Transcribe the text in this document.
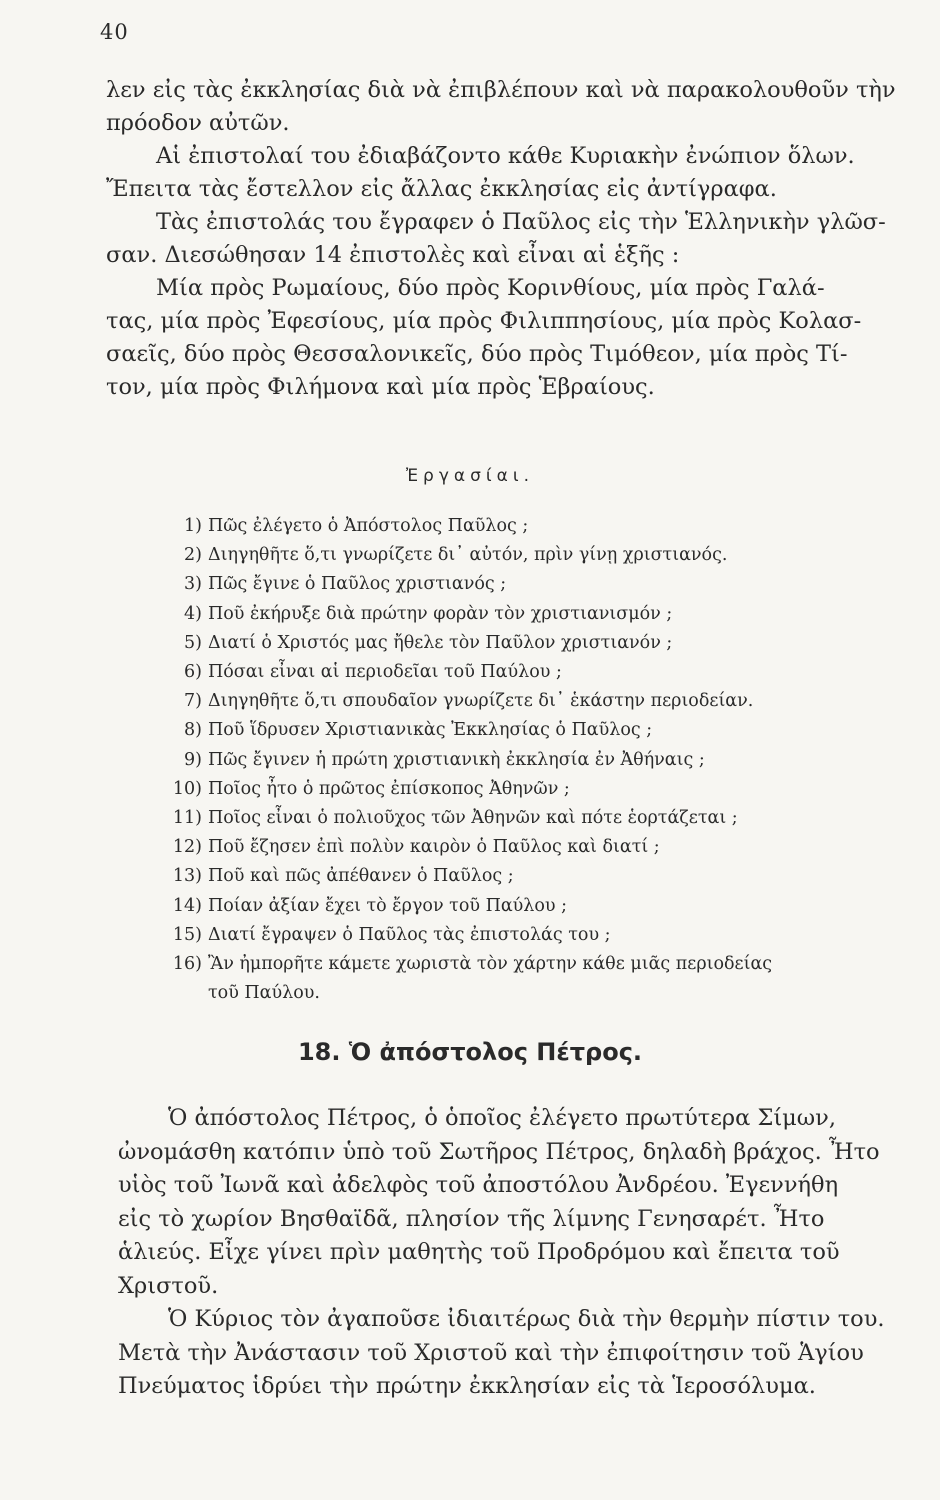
40
λεν εἰς τὰς ἐκκλησίας διὰ νὰ ἐπιβλέπουν καὶ νὰ παρακολουθοῦν τὴν
πρόοδον αὐτῶν.
Αἱ ἐπιστολαί του ἐδιαβάζοντο κάθε Κυριακὴν ἐνώπιον ὅλων.
Ἔπειτα τὰς ἔστελλον εἰς ἄλλας ἐκκλησίας εἰς ἀντίγραφα.
Τὰς ἐπιστολάς του ἔγραφεν ὁ Παῦλος εἰς τὴν Ἑλληνικὴν γλῶσ-
σαν. Διεσώθησαν 14 ἐπιστολὲς καὶ εἶναι αἱ ἑξῆς :
Μία πρὸς Ρωμαίους, δύο πρὸς Κορινθίους, μία πρὸς Γαλά-
τας, μία πρὸς Ἐφεσίους, μία πρὸς Φιλιππησίους, μία πρὸς Κολασ-
σαεῖς, δύο πρὸς Θεσσαλονικεῖς, δύο πρὸς Τιμόθεον, μία πρὸς Τί-
τον, μία πρὸς Φιλήμονα καὶ μία πρὸς Ἑβραίους.
Ἐργασίαι.
1) Πῶς ἐλέγετο ὁ Ἀπόστολος Παῦλος ;
2) Διηγηθῆτε ὅ,τι γνωρίζετε δι᾽ αὐτόν, πρὶν γίνῃ χριστιανός.
3) Πῶς ἔγινε ὁ Παῦλος χριστιανός ;
4) Ποῦ ἐκήρυξε διὰ πρώτην φορὰν τὸν χριστιανισμόν ;
5) Διατί ὁ Χριστός μας ἤθελε τὸν Παῦλον χριστιανόν ;
6) Πόσαι εἶναι αἱ περιοδεῖαι τοῦ Παύλου ;
7) Διηγηθῆτε ὅ,τι σπουδαῖον γνωρίζετε δι᾽ ἑκάστην περιοδείαν.
8) Ποῦ ἵδρυσεν Χριστιανικὰς Ἐκκλησίας ὁ Παῦλος ;
9) Πῶς ἔγινεν ἡ πρώτη χριστιανικὴ ἐκκλησία ἐν Ἀθήναις ;
10) Ποῖος ἦτο ὁ πρῶτος ἐπίσκοπος Ἀθηνῶν ;
11) Ποῖος εἶναι ὁ πολιοῦχος τῶν Ἀθηνῶν καὶ πότε ἑορτάζεται ;
12) Ποῦ ἔζησεν ἐπὶ πολὺν καιρὸν ὁ Παῦλος καὶ διατί ;
13) Ποῦ καὶ πῶς ἀπέθανεν ὁ Παῦλος ;
14) Ποίαν ἀξίαν ἔχει τὸ ἔργον τοῦ Παύλου ;
15) Διατί ἔγραψεν ὁ Παῦλος τὰς ἐπιστολάς του ;
16) Ἂν ἠμπορῆτε κάμετε χωριστὰ τὸν χάρτην κάθε μιᾶς περιοδείας
τοῦ Παύλου.
18. Ὁ ἀπόστολος Πέτρος.
Ὁ ἀπόστολος Πέτρος, ὁ ὁποῖος ἐλέγετο πρωτύτερα Σίμων,
ὠνομάσθη κατόπιν ὑπὸ τοῦ Σωτῆρος Πέτρος, δηλαδὴ βράχος. Ἦτο
υἱὸς τοῦ Ἰωνᾶ καὶ ἀδελφὸς τοῦ ἀποστόλου Ἀνδρέου. Ἐγεννήθη
εἰς τὸ χωρίον Βησθαϊδᾶ, πλησίον τῆς λίμνης Γενησαρέτ. Ἦτο
ἁλιεύς. Εἶχε γίνει πρὶν μαθητὴς τοῦ Προδρόμου καὶ ἔπειτα τοῦ
Χριστοῦ.
Ὁ Κύριος τὸν ἀγαποῦσε ἰδιαιτέρως διὰ τὴν θερμὴν πίστιν του.
Μετὰ τὴν Ἀνάστασιν τοῦ Χριστοῦ καὶ τὴν ἐπιφοίτησιν τοῦ Ἁγίου
Πνεύματος ἱδρύει τὴν πρώτην ἐκκλησίαν εἰς τὰ Ἱεροσόλυμα.
